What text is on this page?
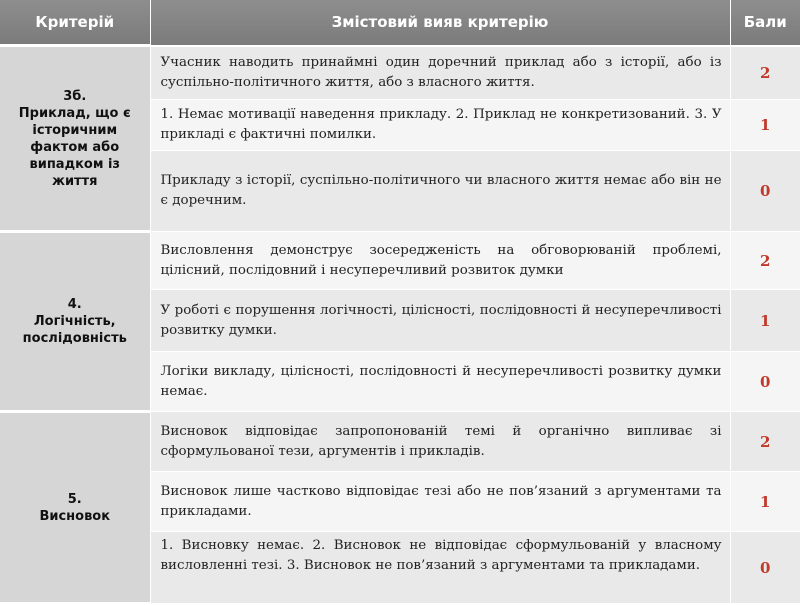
Критерій	Змістовий вияв критерію	Бали

3б.
Приклад, що є історичним фактом або випадком із життя	Учасник наводить принаймні один доречний приклад або з історії, або із суспільно-політичного життя, або з власного життя.	2
	1. Немає мотивації наведення прикладу. 2. Приклад не конкретизований. 3. У прикладі є фактичні помилки.	1
	Прикладу з історії, суспільно-політичного чи власного життя немає або він не є доречним.	0

4.
Логічність, послідовність	Висловлення демонструє зосередженість на обговорюваній проблемі, цілісний, послідовний і несуперечливий розвиток думки	2
	У роботі є порушення логічності, цілісності, послідовності й несуперечливості розвитку думки.	1
	Логіки викладу, цілісності, послідовності й несуперечливості розвитку думки немає.	0

5.
Висновок	Висновок відповідає запропонованій темі й органічно випливає зі сформульованої тези, аргументів і прикладів.	2
	Висновок лише частково відповідає тезі або не пов’язаний з аргументами та прикладами.	1
	1. Висновку немає. 2. Висновок не відповідає сформульованій у власному висловленні тезі. 3. Висновок не пов’язаний з аргументами та прикладами.	0
